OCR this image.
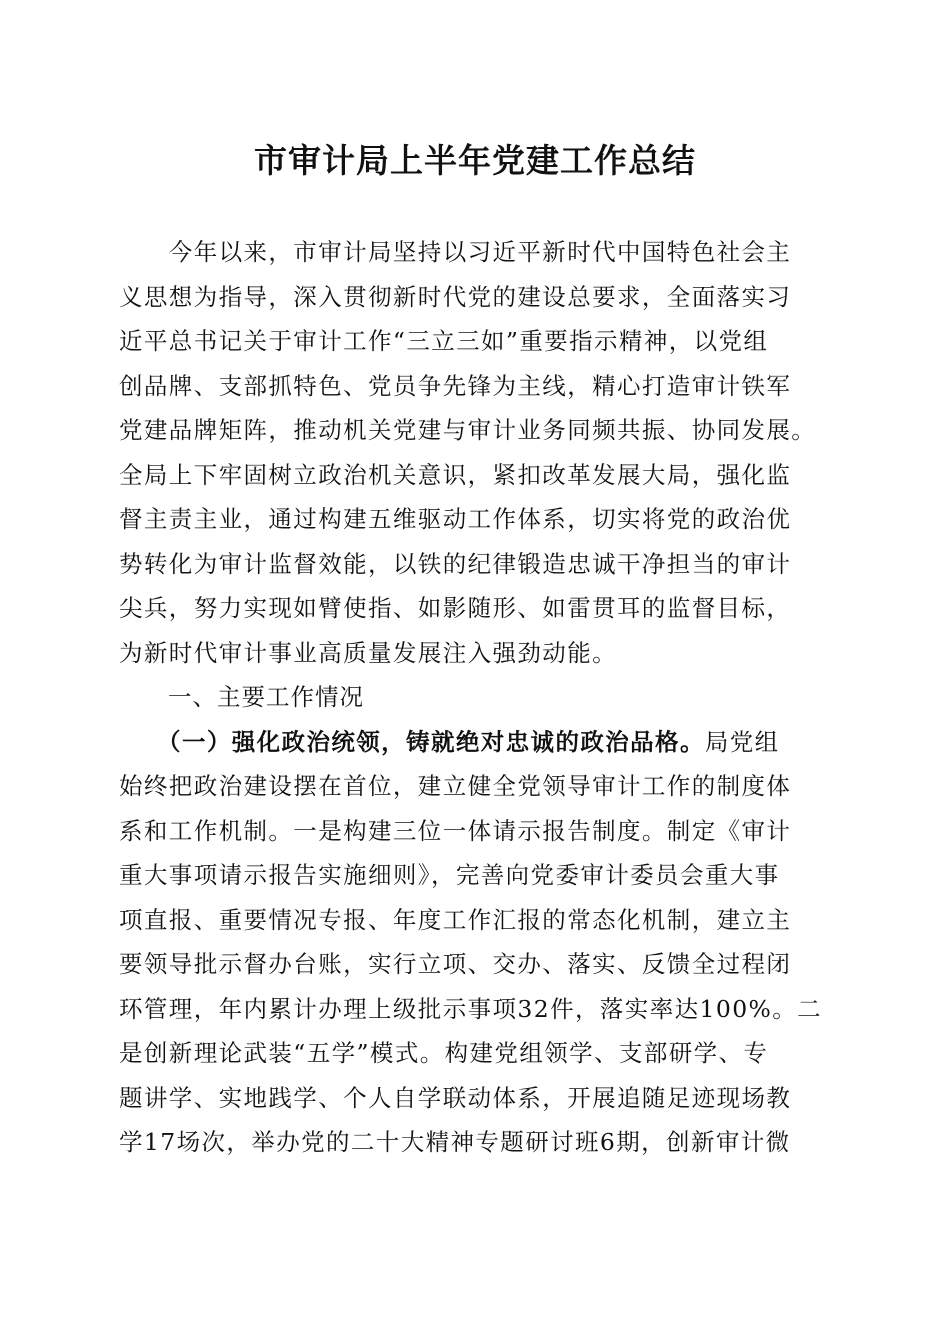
市审计局上半年党建工作总结
　　今年以来，市审计局坚持以习近平新时代中国特色社会主
义思想为指导，深入贯彻新时代党的建设总要求，全面落实习
近平总书记关于审计工作“三立三如”重要指示精神，以党组
创品牌、支部抓特色、党员争先锋为主线，精心打造审计铁军
党建品牌矩阵，推动机关党建与审计业务同频共振、协同发展。
全局上下牢固树立政治机关意识，紧扣改革发展大局，强化监
督主责主业，通过构建五维驱动工作体系，切实将党的政治优
势转化为审计监督效能，以铁的纪律锻造忠诚干净担当的审计
尖兵，努力实现如臂使指、如影随形、如雷贯耳的监督目标，
为新时代审计事业高质量发展注入强劲动能。
　　一、主要工作情况
　　（一）强化政治统领，铸就绝对忠诚的政治品格。局党组
始终把政治建设摆在首位，建立健全党领导审计工作的制度体
系和工作机制。一是构建三位一体请示报告制度。制定《审计
重大事项请示报告实施细则》，完善向党委审计委员会重大事
项直报、重要情况专报、年度工作汇报的常态化机制，建立主
要领导批示督办台账，实行立项、交办、落实、反馈全过程闭
环管理，年内累计办理上级批示事项32件，落实率达100%。二
是创新理论武装“五学”模式。构建党组领学、支部研学、专
题讲学、实地践学、个人自学联动体系，开展追随足迹现场教
学17场次，举办党的二十大精神专题研讨班6期，创新审计微
